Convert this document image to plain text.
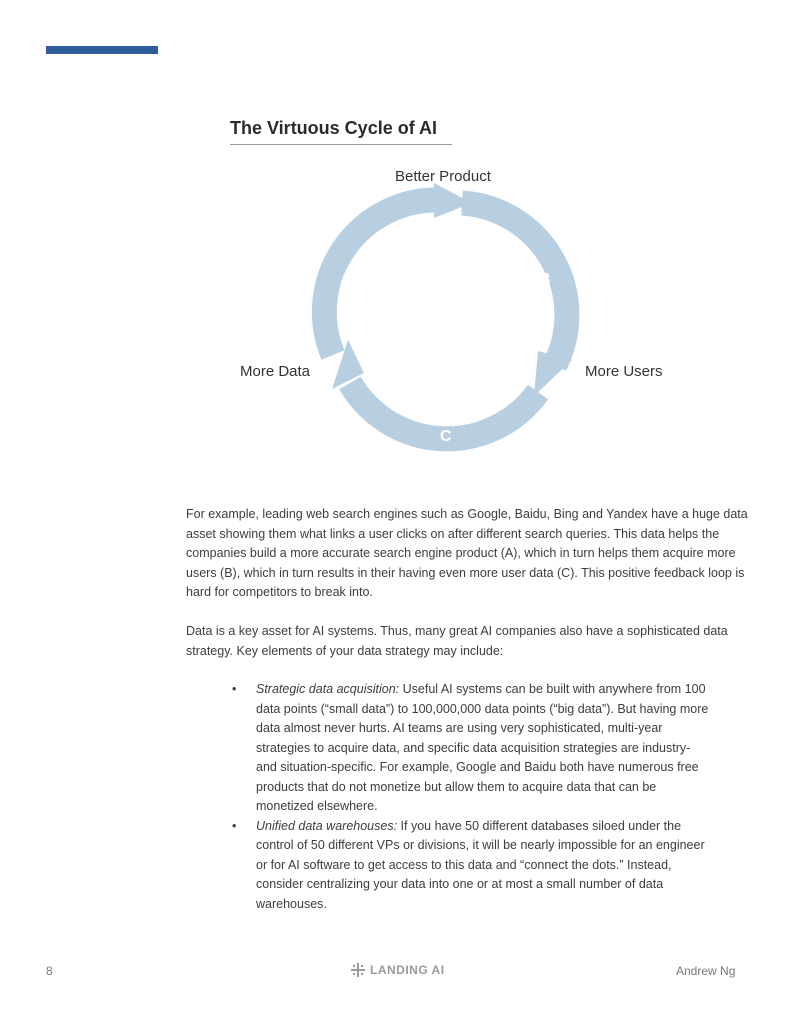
The Virtuous Cycle of AI
Better Product
More Data	More Users
A	B
C

For example, leading web search engines such as Google, Baidu, Bing and Yandex have a huge data asset showing them what links a user clicks on after different search queries. This data helps the companies build a more accurate search engine product (A), which in turn helps them acquire more users (B), which in turn results in their having even more user data (C). This positive feedback loop is hard for competitors to break into.

Data is a key asset for AI systems. Thus, many great AI companies also have a sophisticated data strategy. Key elements of your data strategy may include:

• Strategic data acquisition: Useful AI systems can be built with anywhere from 100 data points (“small data”) to 100,000,000 data points (“big data”). But having more data almost never hurts. AI teams are using very sophisticated, multi-year strategies to acquire data, and specific data acquisition strategies are industry- and situation-specific. For example, Google and Baidu both have numerous free products that do not monetize but allow them to acquire data that can be monetized elsewhere.
• Unified data warehouses: If you have 50 different databases siloed under the control of 50 different VPs or divisions, it will be nearly impossible for an engineer or for AI software to get access to this data and “connect the dots.” Instead, consider centralizing your data into one or at most a small number of data warehouses.
8	LANDING AI	Andrew Ng
